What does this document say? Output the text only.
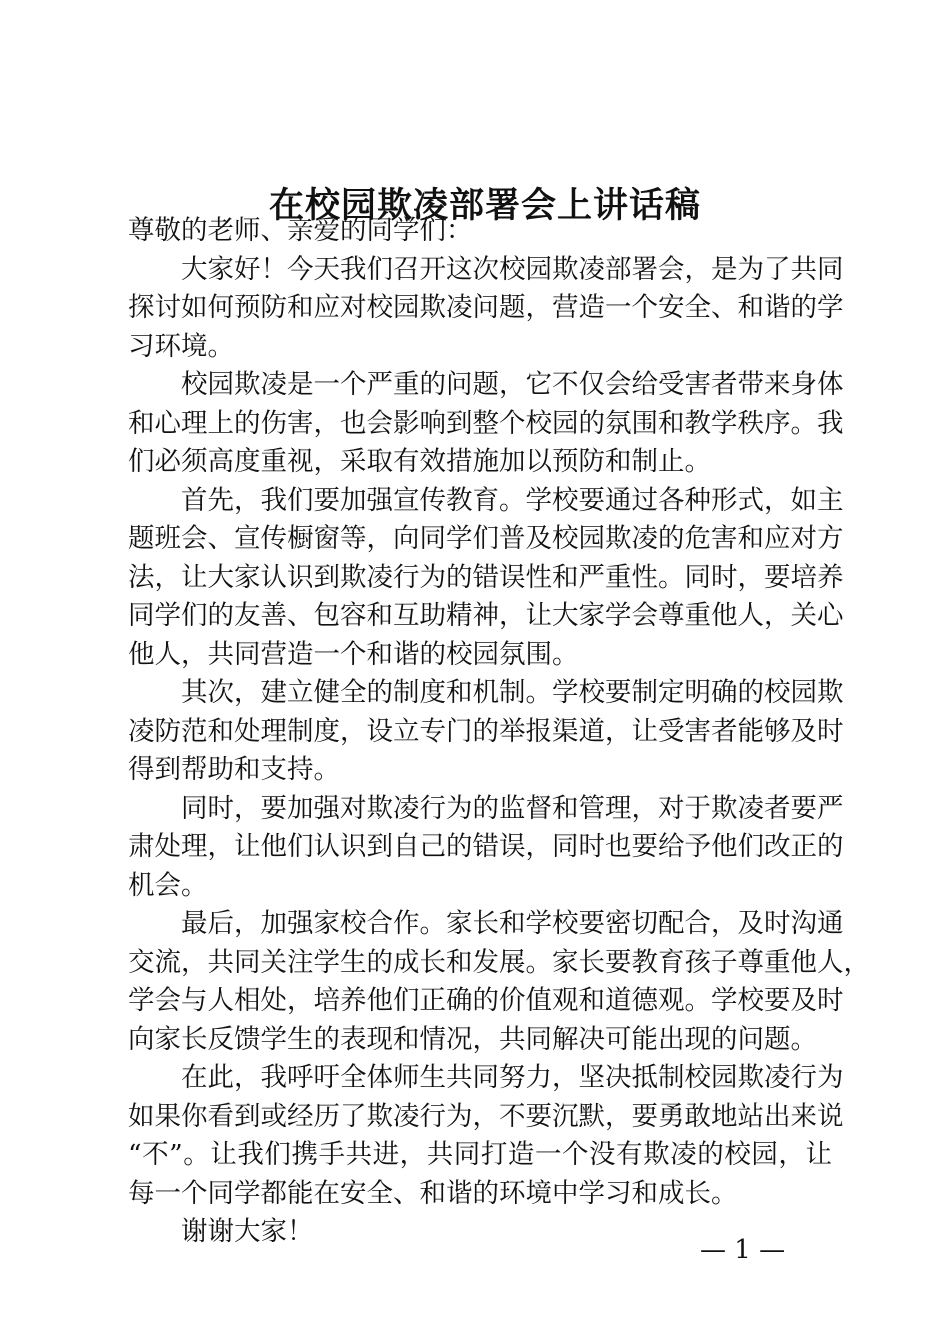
在校园欺凌部署会上讲话稿
尊敬的老师、亲爱的同学们：
大家好！今天我们召开这次校园欺凌部署会，是为了共同
探讨如何预防和应对校园欺凌问题，营造一个安全、和谐的学
习环境。
校园欺凌是一个严重的问题，它不仅会给受害者带来身体
和心理上的伤害，也会影响到整个校园的氛围和教学秩序。我
们必须高度重视，采取有效措施加以预防和制止。
首先，我们要加强宣传教育。学校要通过各种形式，如主
题班会、宣传橱窗等，向同学们普及校园欺凌的危害和应对方
法，让大家认识到欺凌行为的错误性和严重性。同时，要培养
同学们的友善、包容和互助精神，让大家学会尊重他人，关心
他人，共同营造一个和谐的校园氛围。
其次，建立健全的制度和机制。学校要制定明确的校园欺
凌防范和处理制度，设立专门的举报渠道，让受害者能够及时
得到帮助和支持。
同时，要加强对欺凌行为的监督和管理，对于欺凌者要严
肃处理，让他们认识到自己的错误，同时也要给予他们改正的
机会。
最后，加强家校合作。家长和学校要密切配合，及时沟通
交流，共同关注学生的成长和发展。家长要教育孩子尊重他人，
学会与人相处，培养他们正确的价值观和道德观。学校要及时
向家长反馈学生的表现和情况，共同解决可能出现的问题。
在此，我呼吁全体师生共同努力，坚决抵制校园欺凌行为
如果你看到或经历了欺凌行为，不要沉默，要勇敢地站出来说
“不”。让我们携手共进，共同打造一个没有欺凌的校园，让
每一个同学都能在安全、和谐的环境中学习和成长。
谢谢大家！
— 1 —
